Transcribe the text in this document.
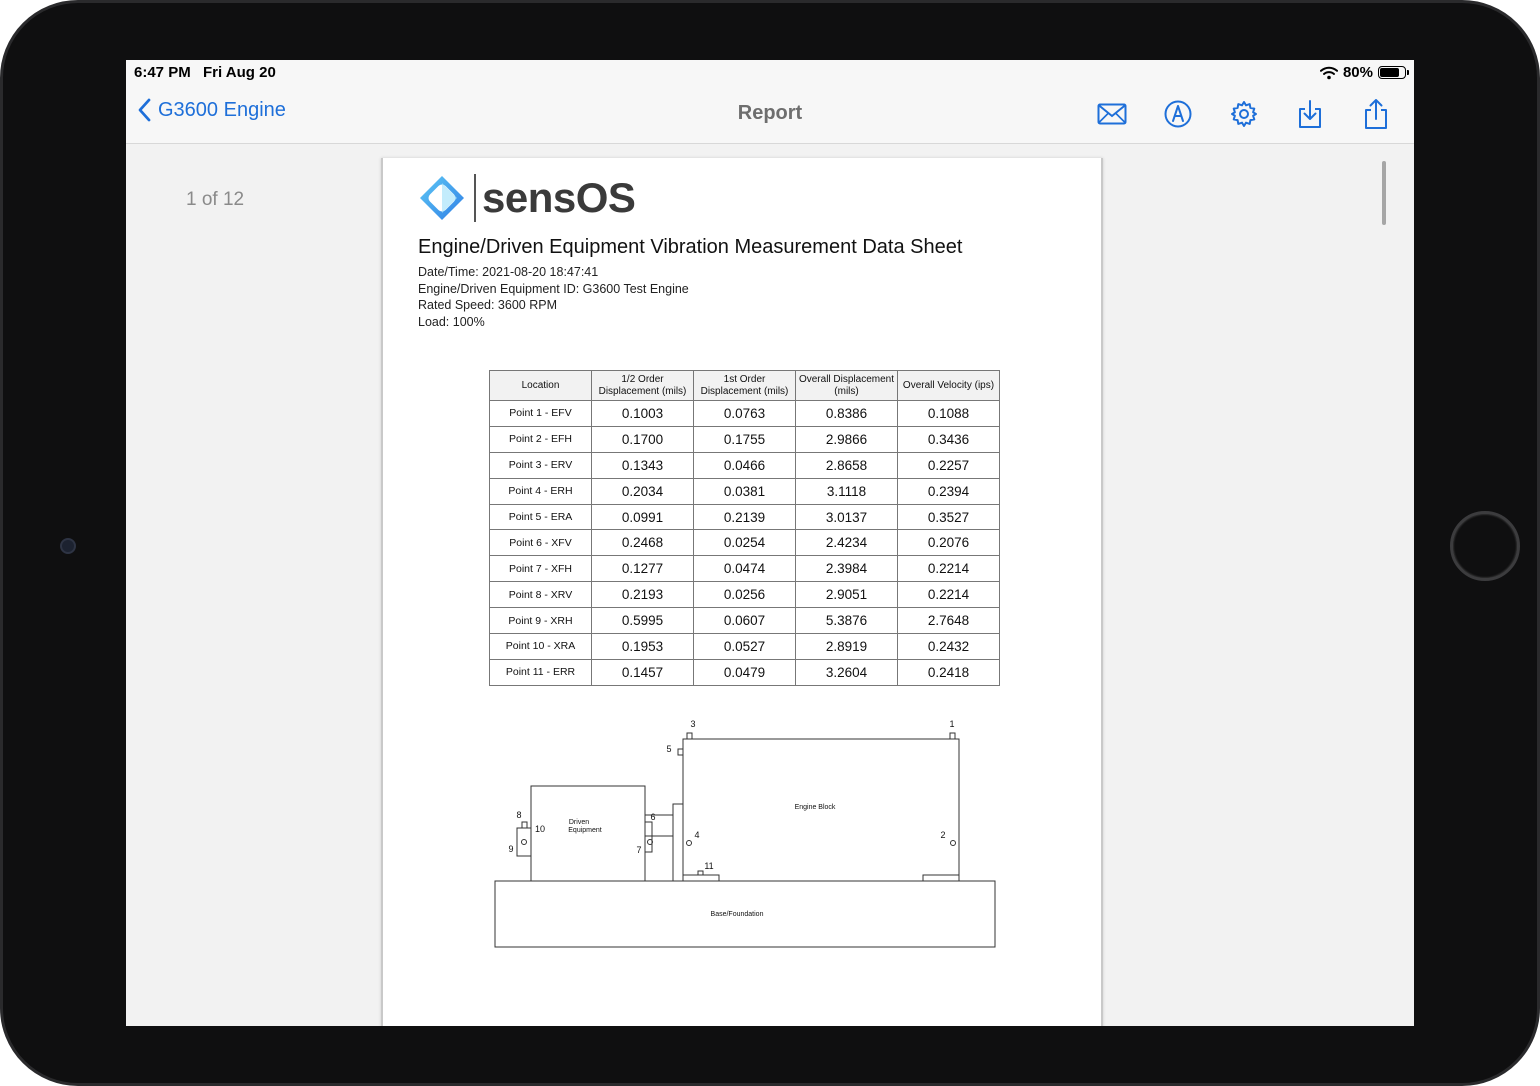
6:47 PM Fri Aug 20	80%
G3600 Engine	Report
1 of 12	sensOS
Engine/Driven Equipment Vibration Measurement Data Sheet
Date/Time: 2021-08-20 18:47:41
Engine/Driven Equipment ID: G3600 Test Engine
Rated Speed: 3600 RPM
Load: 100%
Location	1/2 Order Displacement (mils)	1st Order Displacement (mils)	Overall Displacement (mils)	Overall Velocity (ips)
Point 1 - EFV	0.1003	0.0763	0.8386	0.1088
Point 2 - EFH	0.1700	0.1755	2.9866	0.3436
Point 3 - ERV	0.1343	0.0466	2.8658	0.2257
Point 4 - ERH	0.2034	0.0381	3.1118	0.2394
Point 5 - ERA	0.0991	0.2139	3.0137	0.3527
Point 6 - XFV	0.2468	0.0254	2.4234	0.2076
Point 7 - XFH	0.1277	0.0474	2.3984	0.2214
Point 8 - XRV	0.2193	0.0256	2.9051	0.2214
Point 9 - XRH	0.5995	0.0607	5.3876	2.7648
Point 10 - XRA	0.1953	0.0527	2.8919	0.2432
Point 11 - ERR	0.1457	0.0479	3.2604	0.2418
1
2
3
4
5
6
7
8
9
10
11
Engine Block
Driven
Equipment
Base/Foundation
